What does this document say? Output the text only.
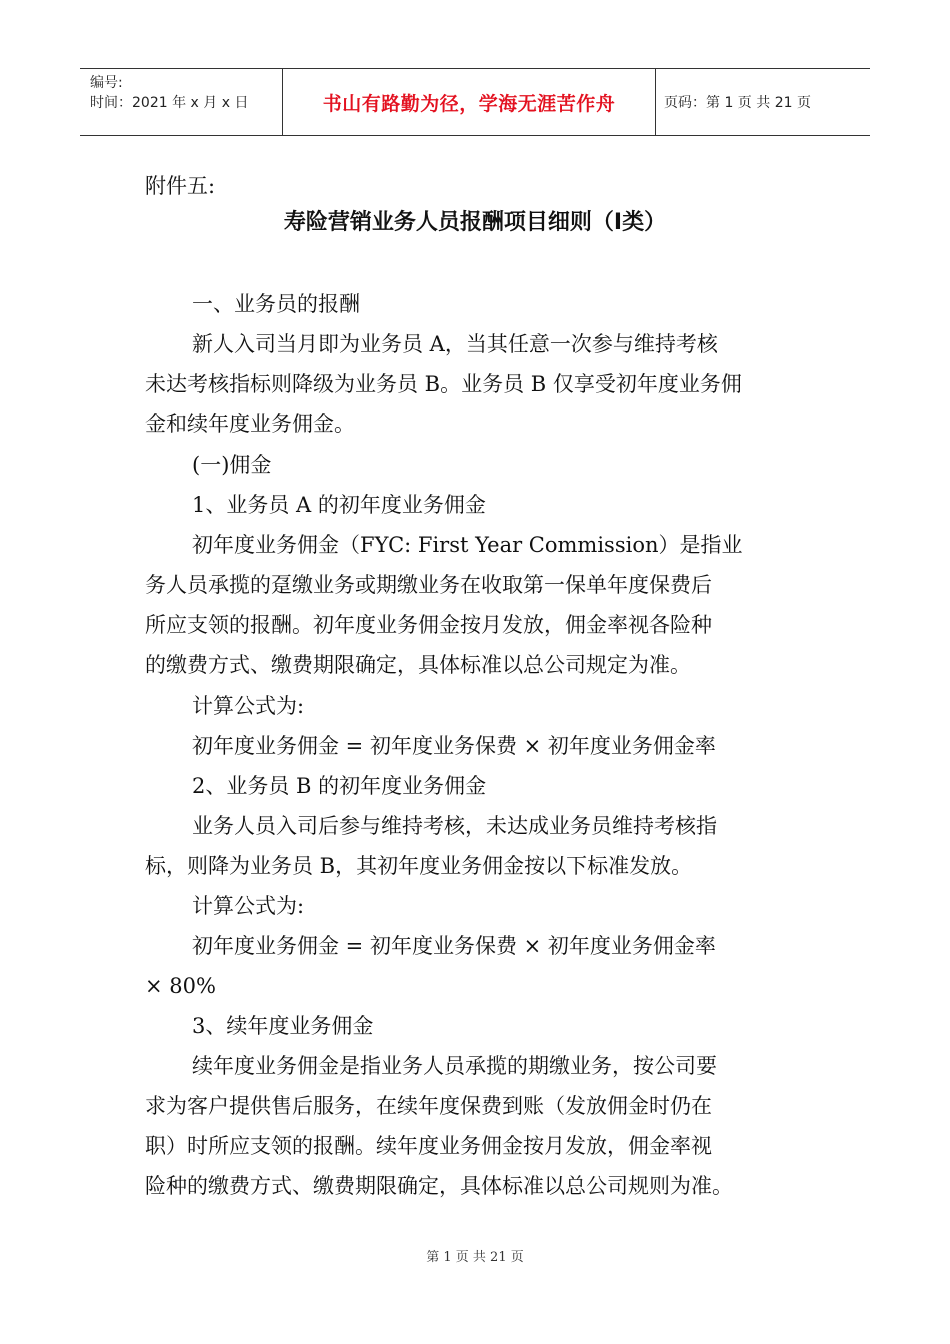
编号:
时间：2021 年 x 月 x 日	书山有路勤为径，学海无涯苦作舟	页码：第 1 页 共 21 页
附件五:
寿险营销业务人员报酬项目细则（Ⅰ类）
一、业务员的报酬
新人入司当月即为业务员 A，当其任意一次参与维持考核
未达考核指标则降级为业务员 B。业务员 B 仅享受初年度业务佣
金和续年度业务佣金。
(一)佣金
1、业务员 A 的初年度业务佣金
初年度业务佣金（FYC: First Year Commission）是指业
务人员承揽的趸缴业务或期缴业务在收取第一保单年度保费后
所应支领的报酬。初年度业务佣金按月发放，佣金率视各险种
的缴费方式、缴费期限确定，具体标准以总公司规定为准。
计算公式为:
初年度业务佣金 = 初年度业务保费 × 初年度业务佣金率
2、业务员 B 的初年度业务佣金
业务人员入司后参与维持考核，未达成业务员维持考核指
标，则降为业务员 B，其初年度业务佣金按以下标准发放。
计算公式为:
初年度业务佣金 = 初年度业务保费 × 初年度业务佣金率
× 80%
3、续年度业务佣金
续年度业务佣金是指业务人员承揽的期缴业务，按公司要
求为客户提供售后服务，在续年度保费到账（发放佣金时仍在
职）时所应支领的报酬。续年度业务佣金按月发放，佣金率视
险种的缴费方式、缴费期限确定，具体标准以总公司规则为准。
第 1 页 共 21 页
